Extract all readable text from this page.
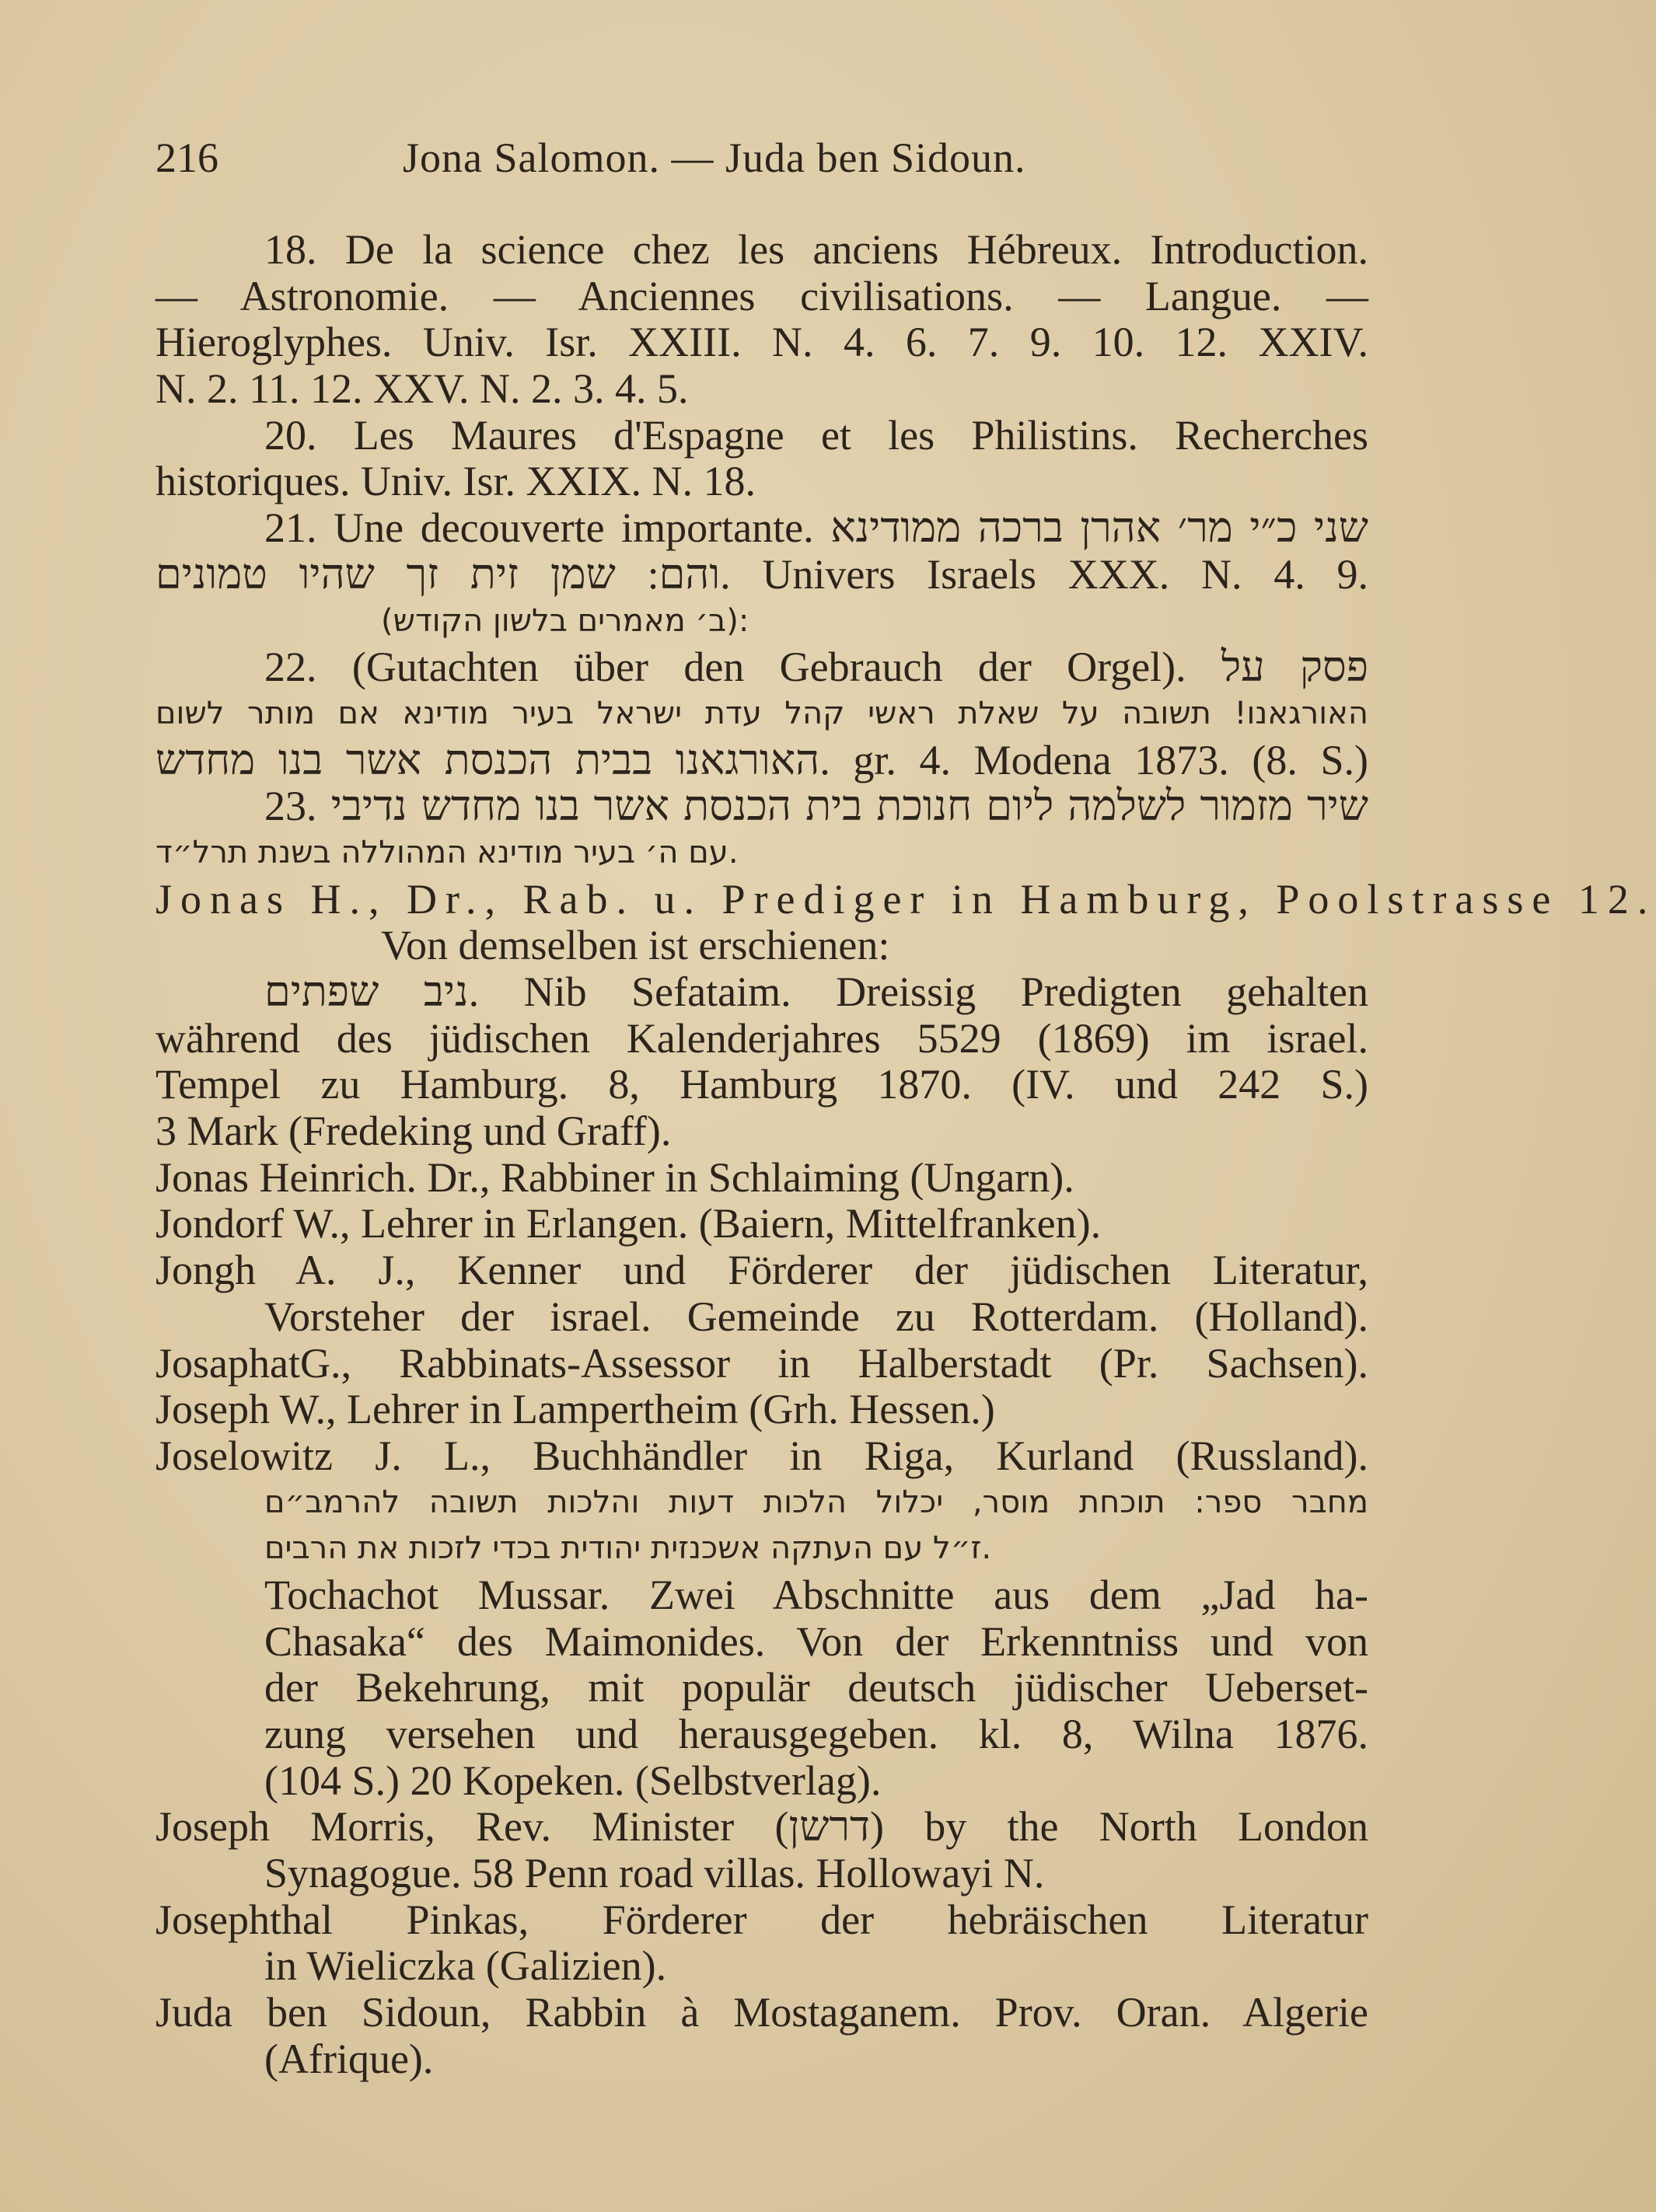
216	Jona Salomon. — Juda ben Sidoun.
18. De la science chez les anciens Hébreux. Introduction.
— Astronomie. — Anciennes civilisations. — Langue. —
Hieroglyphes. Univ. Isr. XXIII. N. 4. 6. 7. 9. 10. 12. XXIV.
N. 2. 11. 12. XXV. N. 2. 3. 4. 5.
20. Les Maures d'Espagne et les Philistins. Recherches
historiques. Univ. Isr. XXIX. N. 18.
21. Une decouverte importante. שני כ״י מר׳ אהרן ברכה ממודינא
והם: שמן זית זך שהיו טמונים. Univers Israels XXX. N. 4. 9.
(ב׳ מאמרים בלשון הקודש):
22. (Gutachten über den Gebrauch der Orgel). פסק על
האורגאנו! תשובה על שאלת ראשי קהל עדת ישראל בעיר מודינא אם מותר לשום
האורגאנו בבית הכנסת אשר בנו מחדש. gr. 4. Modena 1873. (8. S.)
23. שיר מזמור לשלמה ליום חנוכת בית הכנסת אשר בנו מחדש נדיבי
עם ה׳ בעיר מודינא המהוללה בשנת תרל״ד.
Jonas H., Dr., Rab. u. Prediger in Hamburg, Poolstrasse 12.
Von demselben ist erschienen:
ניב שפתים. Nib Sefataim. Dreissig Predigten gehalten
während des jüdischen Kalenderjahres 5529 (1869) im israel.
Tempel zu Hamburg. 8, Hamburg 1870. (IV. und 242 S.)
3 Mark (Fredeking und Graff).
Jonas Heinrich. Dr., Rabbiner in Schlaiming (Ungarn).
Jondorf W., Lehrer in Erlangen. (Baiern, Mittelfranken).
Jongh A. J., Kenner und Förderer der jüdischen Literatur,
Vorsteher der israel. Gemeinde zu Rotterdam. (Holland).
JosaphatG., Rabbinats-Assessor in Halberstadt (Pr. Sachsen).
Joseph W., Lehrer in Lampertheim (Grh. Hessen.)
Joselowitz J. L., Buchhändler in Riga, Kurland (Russland).
מחבר ספר: תוכחת מוסר, יכלול הלכות דעות והלכות תשובה להרמב״ם
ז״ל עם העתקה אשכנזית יהודית בכדי לזכות את הרבים.
Tochachot Mussar. Zwei Abschnitte aus dem „Jad ha-
Chasaka“ des Maimonides. Von der Erkenntniss und von
der Bekehrung, mit populär deutsch jüdischer Ueberset-
zung versehen und herausgegeben. kl. 8, Wilna 1876.
(104 S.) 20 Kopeken. (Selbstverlag).
Joseph Morris, Rev. Minister (דרשן) by the North London
Synagogue. 58 Penn road villas. Hollowayi N.
Josephthal Pinkas, Förderer der hebräischen Literatur
in Wieliczka (Galizien).
Juda ben Sidoun, Rabbin à Mostaganem. Prov. Oran. Algerie
(Afrique).
